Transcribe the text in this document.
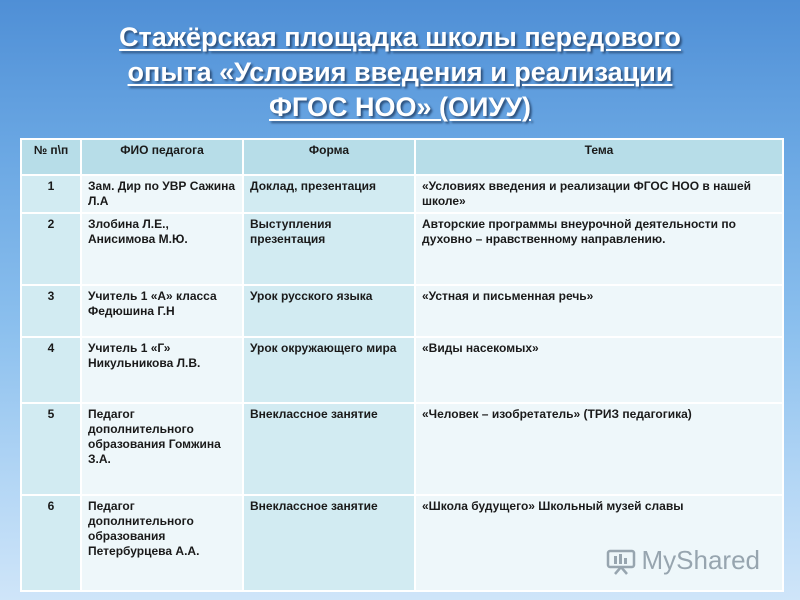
Стажёрская площадка школы передового
опыта «Условия введения и реализации
ФГОС НОО» (ОИУУ)
№ п\п	ФИО педагога	Форма	Тема
1	Зам. Дир по УВР Сажина Л.А	Доклад, презентация	«Условиях введения и реализации ФГОС НОО в нашей школе»
2	Злобина Л.Е., Анисимова М.Ю.	Выступления презентация	Авторские программы внеурочной деятельности по духовно – нравственному направлению.
3	Учитель 1 «А» класса Федюшина Г.Н	Урок русского языка	«Устная и письменная речь»
4	Учитель 1 «Г» Никульникова Л.В.	Урок окружающего мира	«Виды насекомых»
5	Педагог дополнительного образования Гомжина З.А.	Внеклассное занятие	«Человек – изобретатель» (ТРИЗ педагогика)
6	Педагог дополнительного образования Петербурцева А.А.	Внеклассное занятие	«Школа будущего» Школьный музей славы
MyShared
